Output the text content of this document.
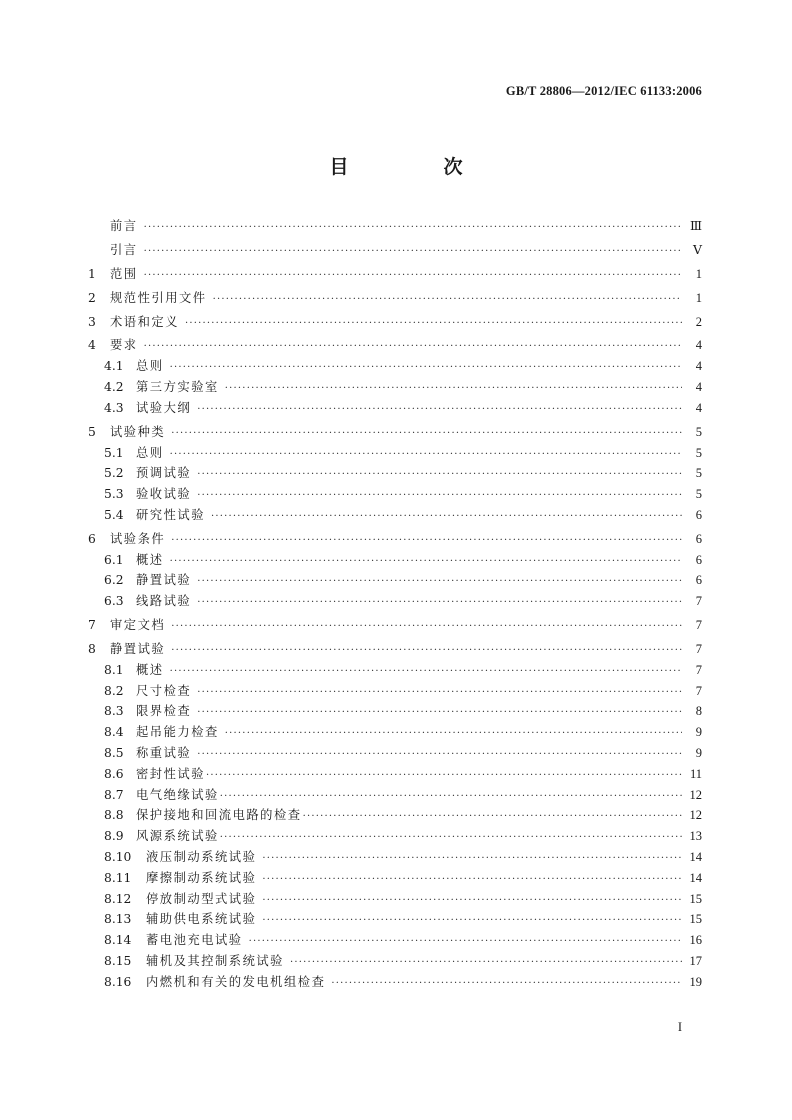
GB/T 28806—2012/IEC 61133:2006
目　次
前言 ·····	Ⅲ
引言 ·····	Ⅴ
1	范围 ·····	1
2	规范性引用文件 ·····	1
3	术语和定义 ·····	2
4	要求 ·····	4
4.1	总则 ·····	4
4.2	第三方实验室 ·····	4
4.3	试验大纲 ·····	4
5	试验种类 ·····	5
5.1	总则 ·····	5
5.2	预调试验 ·····	5
5.3	验收试验 ·····	5
5.4	研究性试验 ·····	6
6	试验条件 ·····	6
6.1	概述 ·····	6
6.2	静置试验 ·····	6
6.3	线路试验 ·····	7
7	审定文档 ·····	7
8	静置试验 ·····	7
8.1	概述 ·····	7
8.2	尺寸检查 ·····	7
8.3	限界检查 ·····	8
8.4	起吊能力检查 ·····	9
8.5	称重试验 ·····	9
8.6	密封性试验 ·····	11
8.7	电气绝缘试验 ·····	12
8.8	保护接地和回流电路的检查 ·····	12
8.9	风源系统试验 ·····	13
8.10	液压制动系统试验 ·····	14
8.11	摩擦制动系统试验 ·····	14
8.12	停放制动型式试验 ·····	15
8.13	辅助供电系统试验 ·····	15
8.14	蓄电池充电试验 ·····	16
8.15	辅机及其控制系统试验 ·····	17
8.16	内燃机和有关的发电机组检查 ·····	19
I
